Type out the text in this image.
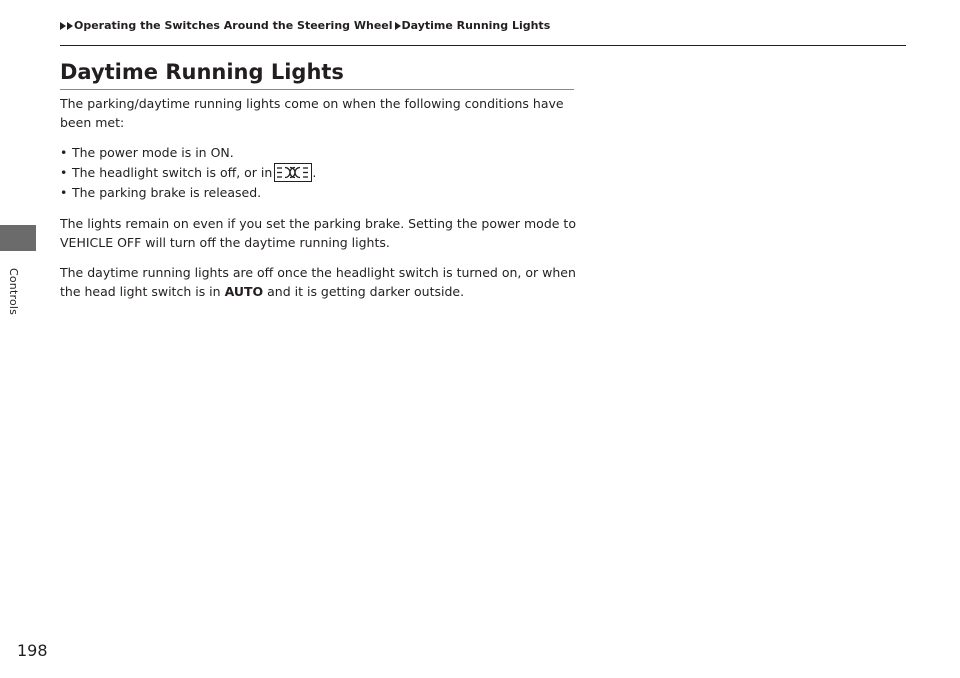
Controls
Operating the Switches Around the Steering Wheel Daytime Running Lights
Daytime Running Lights

The parking/daytime running lights come on when the following conditions have been met:

• The power mode is in ON.
• The headlight switch is off, or in	.
• The parking brake is released.

The lights remain on even if you set the parking brake. Setting the power mode to VEHICLE OFF will turn off the daytime running lights.

The daytime running lights are off once the headlight switch is turned on, or when the head light switch is in AUTO and it is getting darker outside.

198
